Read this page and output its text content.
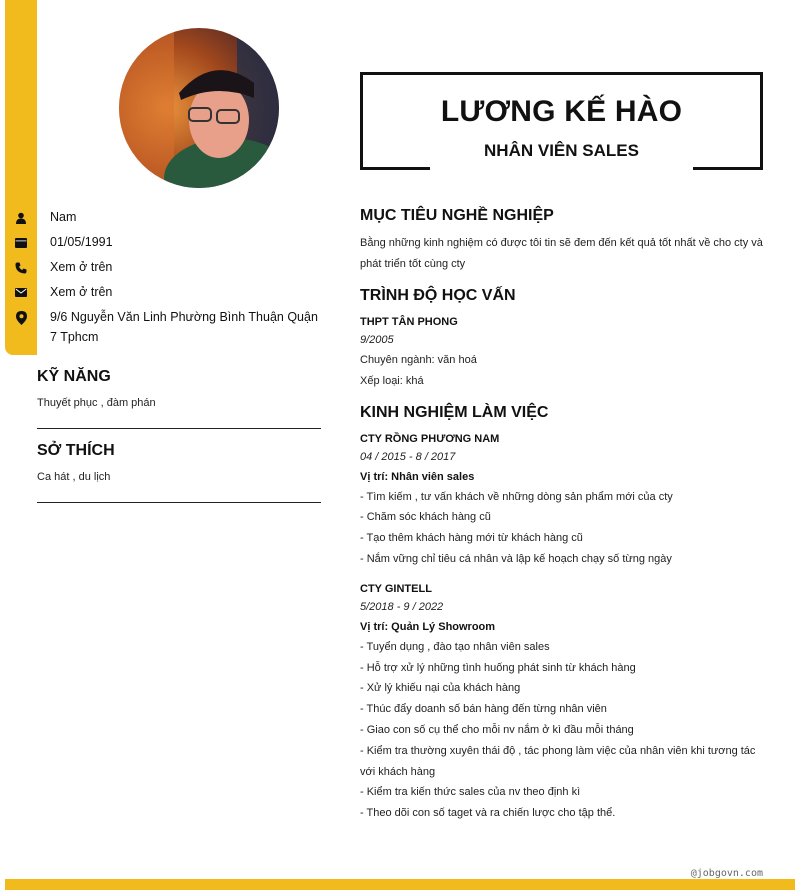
Nam
01/05/1991
Xem ở trên
Xem ở trên
9/6 Nguyễn Văn Linh Phường Bình Thuận Quận 7 Tphcm
KỸ NĂNG

Thuyết phục , đàm phán

SỞ THÍCH

Ca hát , du lịch

LƯƠNG KẾ HÀO
NHÂN VIÊN SALES
MỤC TIÊU NGHỀ NGHIỆP
Bằng những kinh nghiệm có được tôi tin sẽ đem đến kết quả tốt nhất về cho cty và phát triển tốt cùng cty
TRÌNH ĐỘ HỌC VẤN
THPT TÂN PHONG
9/2005
Chuyên ngành: văn hoá
Xếp loại: khá
KINH NGHIỆM LÀM VIỆC
CTY RỒNG PHƯƠNG NAM
04 / 2015 - 8 / 2017
Vị trí: Nhân viên sales
- Tìm kiếm , tư vấn khách về những dòng sản phẩm mới của cty
- Chăm sóc khách hàng cũ
- Tạo thêm khách hàng mới từ khách hàng cũ
- Nắm vững chỉ tiêu cá nhân và lập kế hoạch chạy số từng ngày
CTY GINTELL
5/2018 - 9 / 2022
Vị trí: Quản Lý Showroom
- Tuyển dụng , đào tạo nhân viên sales
- Hỗ trợ xử lý những tình huống phát sinh từ khách hàng
- Xử lý khiếu nại của khách hàng
- Thúc đẩy doanh số bán hàng đến từng nhân viên
- Giao con số cụ thể cho mỗi nv nắm ở kì đầu mỗi tháng
- Kiểm tra thường xuyên thái độ , tác phong làm việc của nhân viên khi tương tác với khách hàng
- Kiểm tra kiến thức sales của nv theo định kì
- Theo dõi con số taget và ra chiến lược cho tập thể.
@jobgovn.com
